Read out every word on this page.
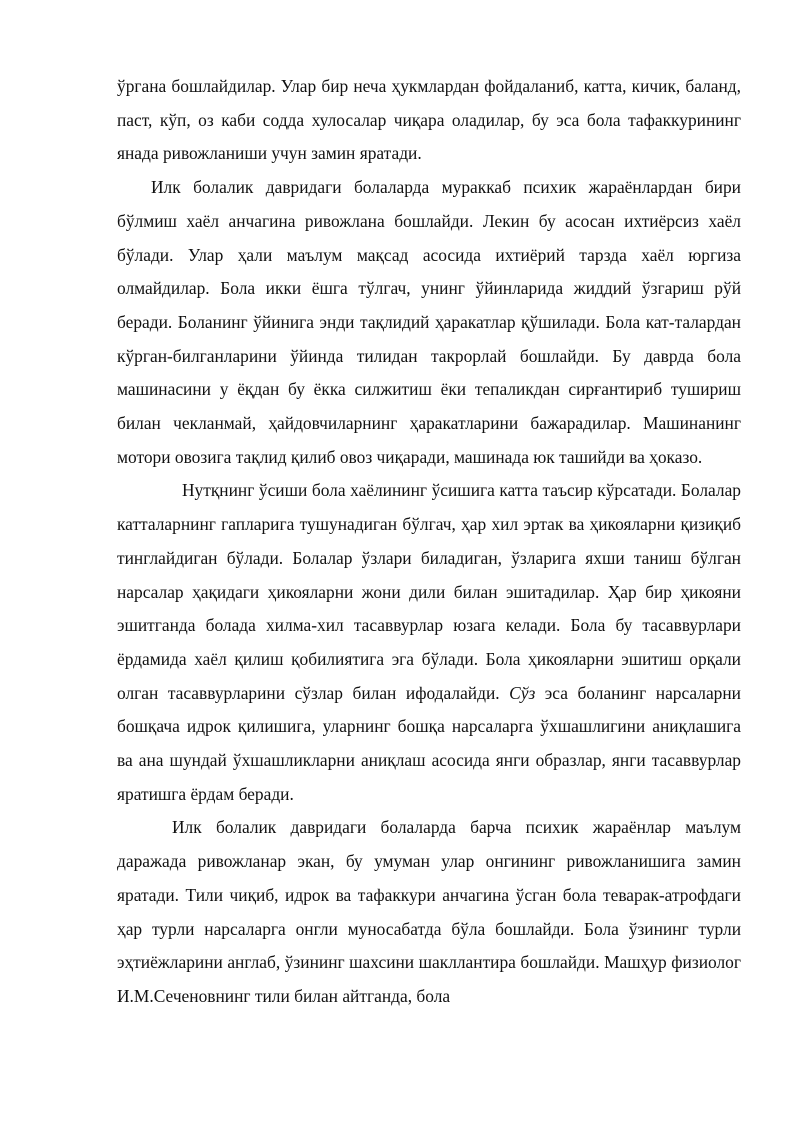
ўргана бошлайдилар. Улар бир неча ҳукмлардан фойдаланиб, катта, кичик, баланд, паст, кўп, оз каби содда хулосалар чиқара оладилар, бу эса бола тафаккурининг янада ривожланиши учун замин яратади.

Илк болалик давридаги болаларда мураккаб психик жараёнлардан бири бўлмиш хаёл анчагина ривожлана бошлайди. Лекин бу асосан ихтиёрсиз хаёл бўлади. Улар ҳали маълум мақсад асосида ихтиёрий тарзда хаёл юргиза олмайдилар. Бола икки ёшга тўлгач, унинг ўйинларида жиддий ўзгариш рўй беради. Боланинг ўйинига энди тақлидий ҳаракатлар қўшилади. Бола кат-талардан кўрган-билганларини ўйинда тилидан такрорлай бошлайди. Бу даврда бола машинасини у ёқдан бу ёкка силжитиш ёки тепаликдан сирғантириб тушириш билан чекланмай, ҳайдовчиларнинг ҳаракатларини бажарадилар. Машинанинг мотори овозига тақлид қилиб овоз чиқаради, машинада юк ташийди ва ҳоказо.

Нутқнинг ўсиши бола хаёлининг ўсишига катта таъсир кўрсатади. Болалар катталарнинг гапларига тушунадиган бўлгач, ҳар хил эртак ва ҳикояларни қизиқиб тинглайдиган бўлади. Болалар ўзлари биладиган, ўзларига яхши таниш бўлган нарсалар ҳақидаги ҳикояларни жони дили билан эшитадилар. Ҳар бир ҳикояни эшитганда болада хилма-хил тасаввурлар юзага келади. Бола бу тасаввурлари ёрдамида хаёл қилиш қобилиятига эга бўлади. Бола ҳикояларни эшитиш орқали олган тасаввурларини сўзлар билан ифодалайди. Сўз эса боланинг нарсаларни бошқача идрок қилишига, уларнинг бошқа нарсаларга ўхшашлигини аниқлашига ва ана шундай ўхшашликларни аниқлаш асосида янги образлар, янги тасаввурлар яратишга ёрдам беради.

Илк болалик давридаги болаларда барча психик жараёнлар маълум даражада ривожланар экан, бу умуман улар онгининг ривожланишига замин яратади. Тили чиқиб, идрок ва тафаккури анчагина ўсган бола теварак-атрофдаги ҳар турли нарсаларга онгли муносабатда бўла бошлайди. Бола ўзининг турли эҳтиёжларини англаб, ўзининг шахсини шакллантира бошлайди. Машҳур физиолог И.М.Сеченовнинг тили билан айтганда, бола
